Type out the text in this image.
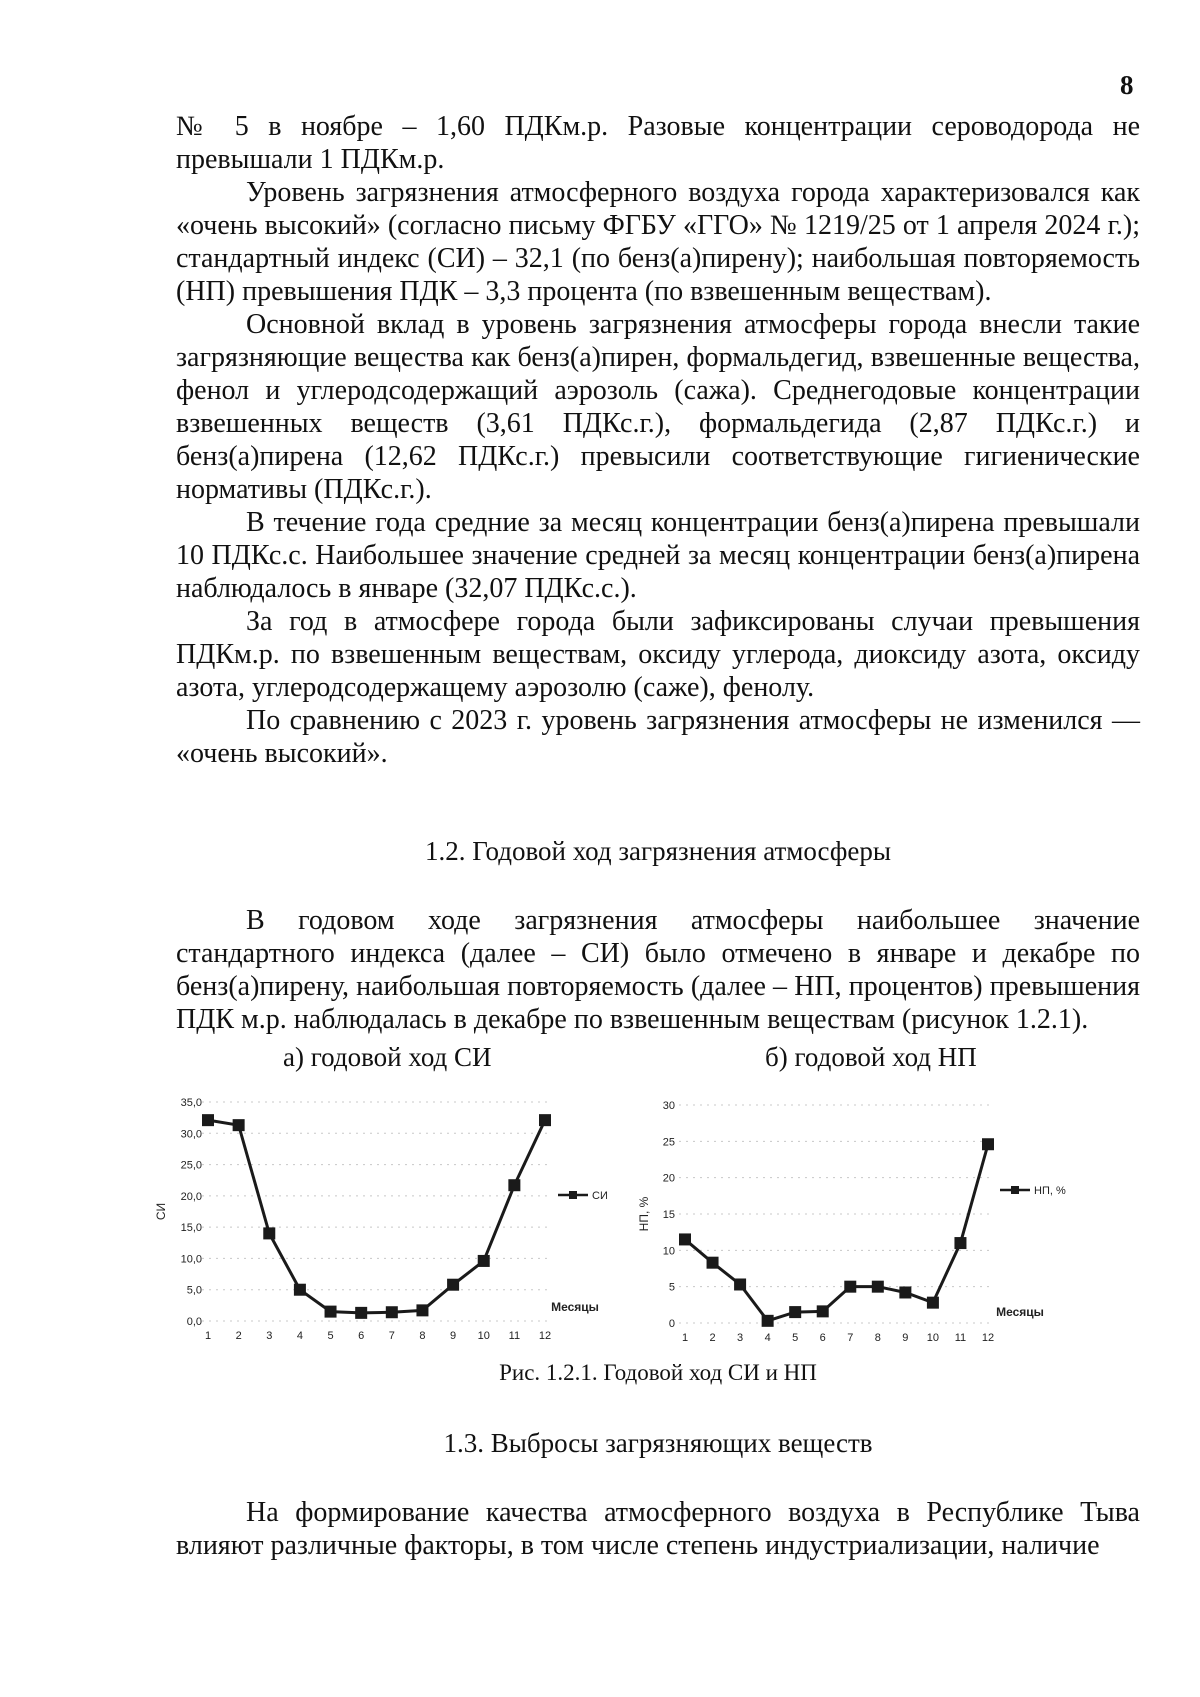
8

№ 5 в ноябре – 1,60 ПДКм.р. Разовые концентрации сероводорода не превышали 1 ПДКм.р.

Уровень загрязнения атмосферного воздуха города характеризовался как «очень высокий» (согласно письму ФГБУ «ГГО» № 1219/25 от 1 апреля 2024 г.); стандартный индекс (СИ) – 32,1 (по бенз(а)пирену); наибольшая повторяемость (НП) превышения ПДК – 3,3 процента (по взвешенным веществам).

Основной вклад в уровень загрязнения атмосферы города внесли такие загрязняющие вещества как бенз(а)пирен, формальдегид, взвешенные вещества, фенол и углеродсодержащий аэрозоль (сажа). Среднегодовые концентрации взвешенных веществ (3,61 ПДКс.г.), формальдегида (2,87 ПДКс.г.) и бенз(а)пирена (12,62 ПДКс.г.) превысили соответствующие гигиенические нормативы (ПДКс.г.).

В течение года средние за месяц концентрации бенз(а)пирена превышали 10 ПДКс.с. Наибольшее значение средней за месяц концентрации бенз(а)пирена наблюдалось в январе (32,07 ПДКс.с.).

За год в атмосфере города были зафиксированы случаи превышения ПДКм.р. по взвешенным веществам, оксиду углерода, диоксиду азота, оксиду азота, углеродсодержащему аэрозолю (саже), фенолу.

По сравнению с 2023 г. уровень загрязнения атмосферы не изменился — «очень высокий».

1.2. Годовой ход загрязнения атмосферы

В годовом ходе загрязнения атмосферы наибольшее значение стандартного индекса (далее – СИ) было отмечено в январе и декабре по бенз(а)пирену, наибольшая повторяемость (далее – НП, процентов) превышения ПДК м.р. наблюдалась в декабре по взвешенным веществам (рисунок 1.2.1).

а) годовой ход СИ	б) годовой ход НП
0,0
5,0
10,0
15,0
20,0
25,0
30,0
35,0
1 2 3 4 5 6 7 8 9 10 11 12
СИ
Месяцы
СИ
0
5
10
15
20
25
30
1 2 3 4 5 6 7 8 9 10 11 12
НП, %
Месяцы
НП, %
Рис. 1.2.1. Годовой ход СИ и НП
1.3. Выбросы загрязняющих веществ

На формирование качества атмосферного воздуха в Республике Тыва влияют различные факторы, в том числе степень индустриализации, наличие
